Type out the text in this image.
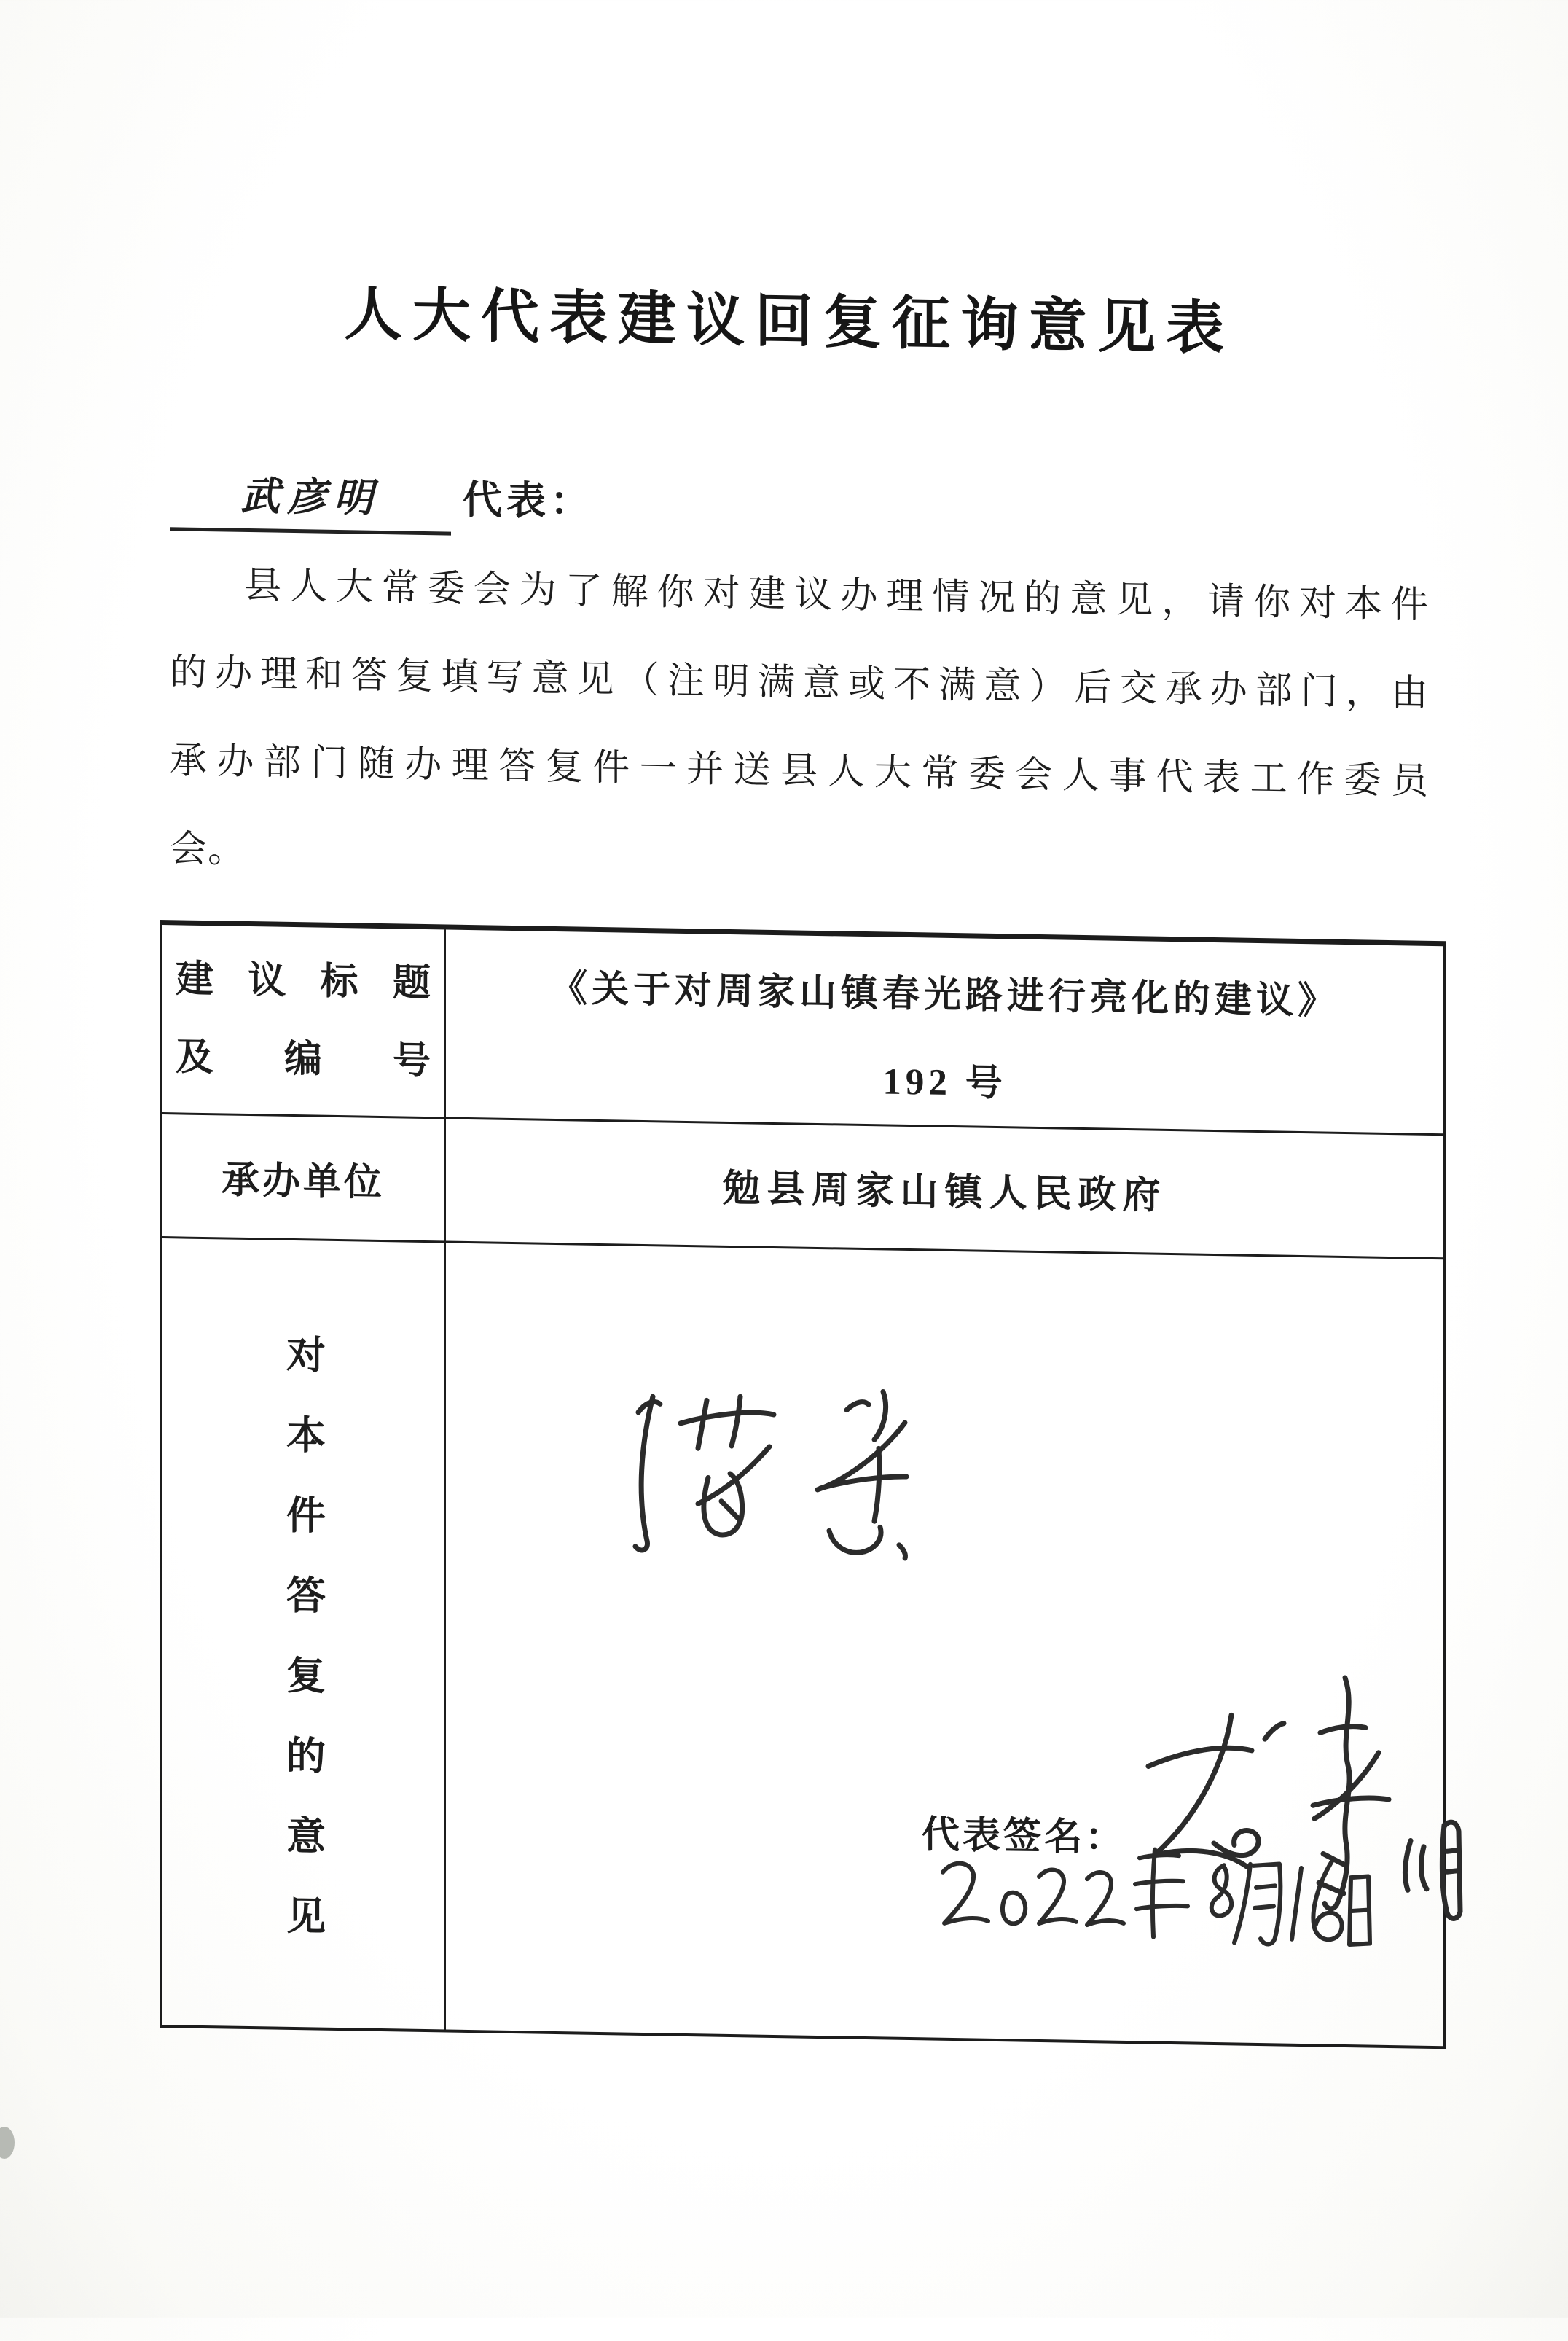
人大代表建议回复征询意见表
武彦明 代表：
县人大常委会为了解你对建议办理情况的意见，请你对本件
的办理和答复填写意见（注明满意或不满意）后交承办部门，由
承办部门随办理答复件一并送县人大常委会人事代表工作委员
会。
建议标题
及编号
《关于对周家山镇春光路进行亮化的建议》
192 号
承办单位	勉县周家山镇人民政府
对本件答复的意见	代表签名：
